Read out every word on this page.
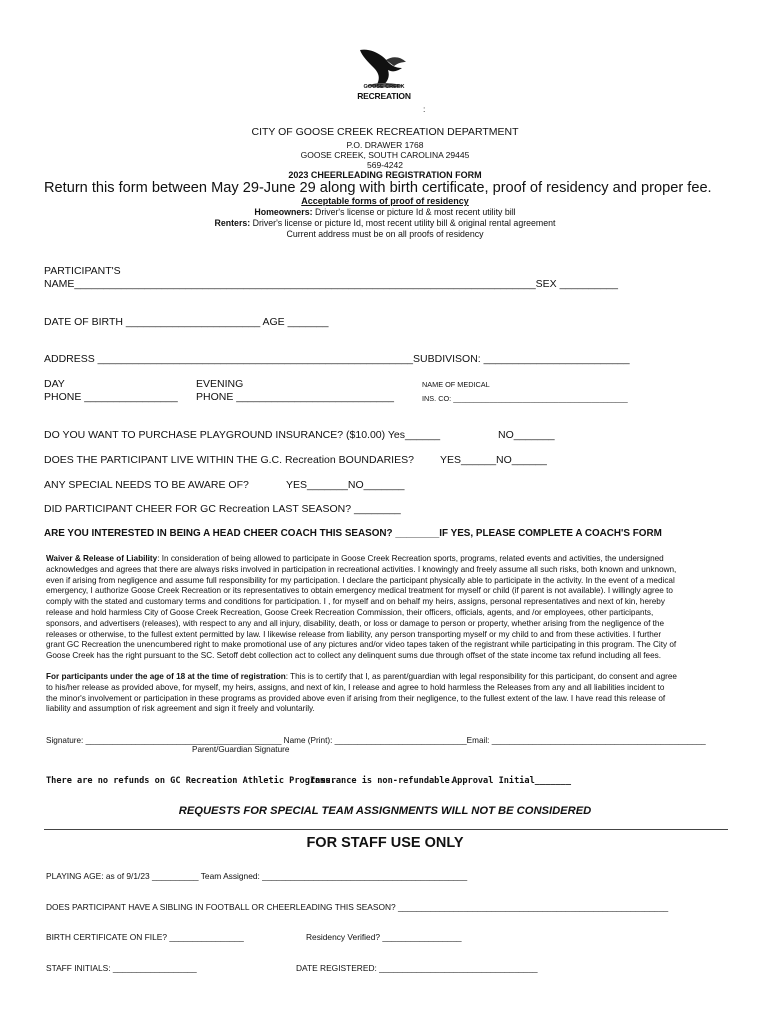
GOOSE CREEK
RECREATION
:
CITY OF GOOSE CREEK RECREATION DEPARTMENT
P.O. DRAWER 1768
GOOSE CREEK, SOUTH CAROLINA 29445
569-4242
2023 CHEERLEADING REGISTRATION FORM
Return this form between May 29-June 29 along with birth certificate, proof of residency and proper fee.
Acceptable forms of proof of residency
Homeowners: Driver's license or picture Id & most recent utility bill
Renters: Driver's license or picture Id, most recent utility bill & original rental agreement
Current address must be on all proofs of residency
PARTICIPANT'S
NAME_______________________________________________________________________________SEX __________
DATE OF BIRTH _______________________ AGE _______
ADDRESS ______________________________________________________SUBDIVISON: _________________________
DAY
PHONE ________________
EVENING
PHONE ___________________________
NAME OF MEDICAL
INS. CO: ___________________________________________
DO YOU WANT TO PURCHASE PLAYGROUND INSURANCE? ($10.00) Yes______	NO_______
DOES THE PARTICIPANT LIVE WITHIN THE G.C. Recreation BOUNDARIES? YES______NO______
ANY SPECIAL NEEDS TO BE AWARE OF?	YES_______NO_______
DID PARTICIPANT CHEER FOR GC Recreation LAST SEASON? ________
ARE YOU INTERESTED IN BEING A HEAD CHEER COACH THIS SEASON? ________IF YES, PLEASE COMPLETE A COACH'S FORM
Waiver & Release of Liability: In consideration of being allowed to participate in Goose Creek Recreation sports, programs, related events and activities, the undersigned
acknowledges and agrees that there are always risks involved in participation in recreational activities. I knowingly and freely assume all such risks, both known and unknown,
even if arising from negligence and assume full responsibility for my participation. I declare the participant physically able to participate in the activity. In the event of a medical
emergency, I authorize Goose Creek Recreation or its representatives to obtain emergency medical treatment for myself or child (if parent is not available). I willingly agree to
comply with the stated and customary terms and conditions for participation. I , for myself and on behalf my heirs, assigns, personal representatives and next of kin, hereby
release and hold harmless City of Goose Creek Recreation, Goose Creek Recreation Commission, their officers, officials, agents, and /or employees, other participants,
sponsors, and advertisers (releases), with respect to any and all injury, disability, death, or loss or damage to person or property, whether arising from the negligence of the
releases or otherwise, to the fullest extent permitted by law. I likewise release from liability, any person transporting myself or my child to and from these activities. I further
grant GC Recreation the unencumbered right to make promotional use of any pictures and/or video tapes taken of the registrant while participating in this program. The City of
Goose Creek has the right pursuant to the SC. Setoff debt collection act to collect any delinquent sums due through offset of the state income tax refund including all fees.
For participants under the age of 18 at the time of registration: This is to certify that I, as parent/guardian with legal responsibility for this participant, do consent and agree
to his/her release as provided above, for myself, my heirs, assigns, and next of kin, I release and agree to hold harmless the Releases from any and all liabilities incident to
the minor's involvement or participation in these programs as provided above even if arising from their negligence, to the fullest extent of the law. I have read this release of
liability and assumption of risk agreement and sign it freely and voluntarily.
Signature: ___________________________________________ Name (Print): _____________________________Email: _______________________________________________
Parent/Guardian Signature
There are no refunds on GC Recreation Athletic Programs.
Insurance is non-refundable.
Approval Initial_______
REQUESTS FOR SPECIAL TEAM ASSIGNMENTS WILL NOT BE CONSIDERED
FOR STAFF USE ONLY
PLAYING AGE: as of 9/1/23 __________ Team Assigned: ____________________________________________
DOES PARTICIPANT HAVE A SIBLING IN FOOTBALL OR CHEERLEADING THIS SEASON? __________________________________________________________
BIRTH CERTIFICATE ON FILE? ________________	Residency Verified? _________________
STAFF INITIALS: __________________	DATE REGISTERED: __________________________________
